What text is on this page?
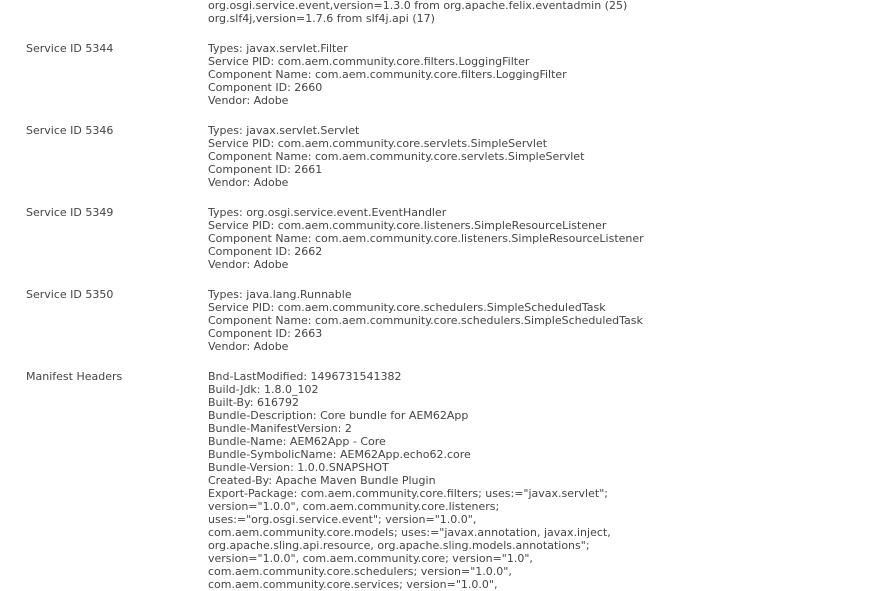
org.osgi.service.event,version=1.3.0 from org.apache.felix.eventadmin (25)
org.slf4j,version=1.7.6 from slf4j.api (17)
Service ID 5344	Types: javax.servlet.Filter
Service PID: com.aem.community.core.filters.LoggingFilter
Component Name: com.aem.community.core.filters.LoggingFilter
Component ID: 2660
Vendor: Adobe
Service ID 5346	Types: javax.servlet.Servlet
Service PID: com.aem.community.core.servlets.SimpleServlet
Component Name: com.aem.community.core.servlets.SimpleServlet
Component ID: 2661
Vendor: Adobe
Service ID 5349	Types: org.osgi.service.event.EventHandler
Service PID: com.aem.community.core.listeners.SimpleResourceListener
Component Name: com.aem.community.core.listeners.SimpleResourceListener
Component ID: 2662
Vendor: Adobe
Service ID 5350	Types: java.lang.Runnable
Service PID: com.aem.community.core.schedulers.SimpleScheduledTask
Component Name: com.aem.community.core.schedulers.SimpleScheduledTask
Component ID: 2663
Vendor: Adobe
Manifest Headers	Bnd-LastModified: 1496731541382
Build-Jdk: 1.8.0_102
Built-By: 616792
Bundle-Description: Core bundle for AEM62App
Bundle-ManifestVersion: 2
Bundle-Name: AEM62App - Core
Bundle-SymbolicName: AEM62App.echo62.core
Bundle-Version: 1.0.0.SNAPSHOT
Created-By: Apache Maven Bundle Plugin
Export-Package: com.aem.community.core.filters; uses:="javax.servlet";
version="1.0.0", com.aem.community.core.listeners;
uses:="org.osgi.service.event"; version="1.0.0",
com.aem.community.core.models; uses:="javax.annotation, javax.inject,
org.apache.sling.api.resource, org.apache.sling.models.annotations";
version="1.0.0", com.aem.community.core; version="1.0",
com.aem.community.core.schedulers; version="1.0.0",
com.aem.community.core.services; version="1.0.0",
